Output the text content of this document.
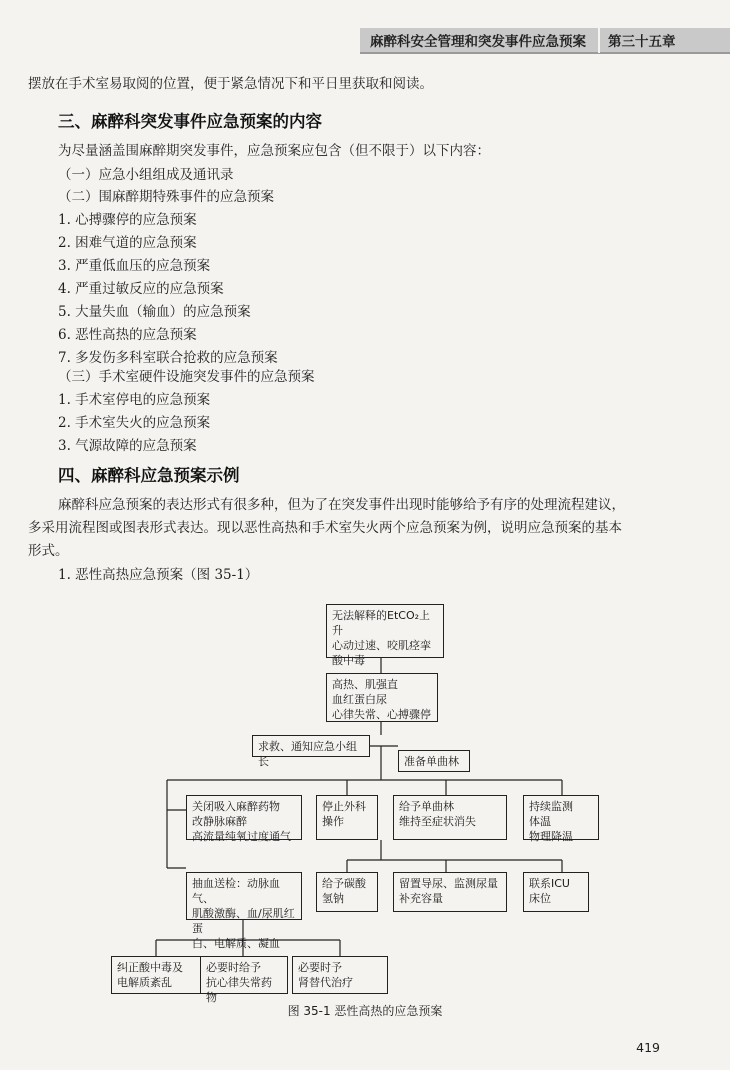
麻醉科安全管理和突发事件应急预案	第三十五章
摆放在手术室易取阅的位置，便于紧急情况下和平日里获取和阅读。
三、麻醉科突发事件应急预案的内容
为尽量涵盖围麻醉期突发事件，应急预案应包含（但不限于）以下内容：
（一）应急小组组成及通讯录
（二）围麻醉期特殊事件的应急预案
1. 心搏骤停的应急预案
2. 困难气道的应急预案
3. 严重低血压的应急预案
4. 严重过敏反应的应急预案
5. 大量失血（输血）的应急预案
6. 恶性高热的应急预案
7. 多发伤多科室联合抢救的应急预案
（三）手术室硬件设施突发事件的应急预案
1. 手术室停电的应急预案
2. 手术室失火的应急预案
3. 气源故障的应急预案
四、麻醉科应急预案示例
麻醉科应急预案的表达形式有很多种，但为了在突发事件出现时能够给予有序的处理流程建议，
多采用流程图或图表形式表达。现以恶性高热和手术室失火两个应急预案为例，说明应急预案的基本
形式。
1. 恶性高热应急预案（图 35-1）
无法解释的EtCO₂上升
心动过速、咬肌痉挛
酸中毒
高热、肌强直
血红蛋白尿
心律失常、心搏骤停
求救、通知应急小组长	准备单曲林
关闭吸入麻醉药物
改静脉麻醉
高流量纯氧过度通气
停止外科
操作
给予单曲林
维持至症状消失
持续监测
体温
物理降温
抽血送检：动脉血气、
肌酸激酶、血/尿肌红蛋
白、电解质、凝血
给予碳酸
氢钠
留置导尿、监测尿量
补充容量
联系ICU
床位
纠正酸中毒及
电解质紊乱
必要时给予
抗心律失常药物
必要时予
肾替代治疗
图 35-1 恶性高热的应急预案
419
